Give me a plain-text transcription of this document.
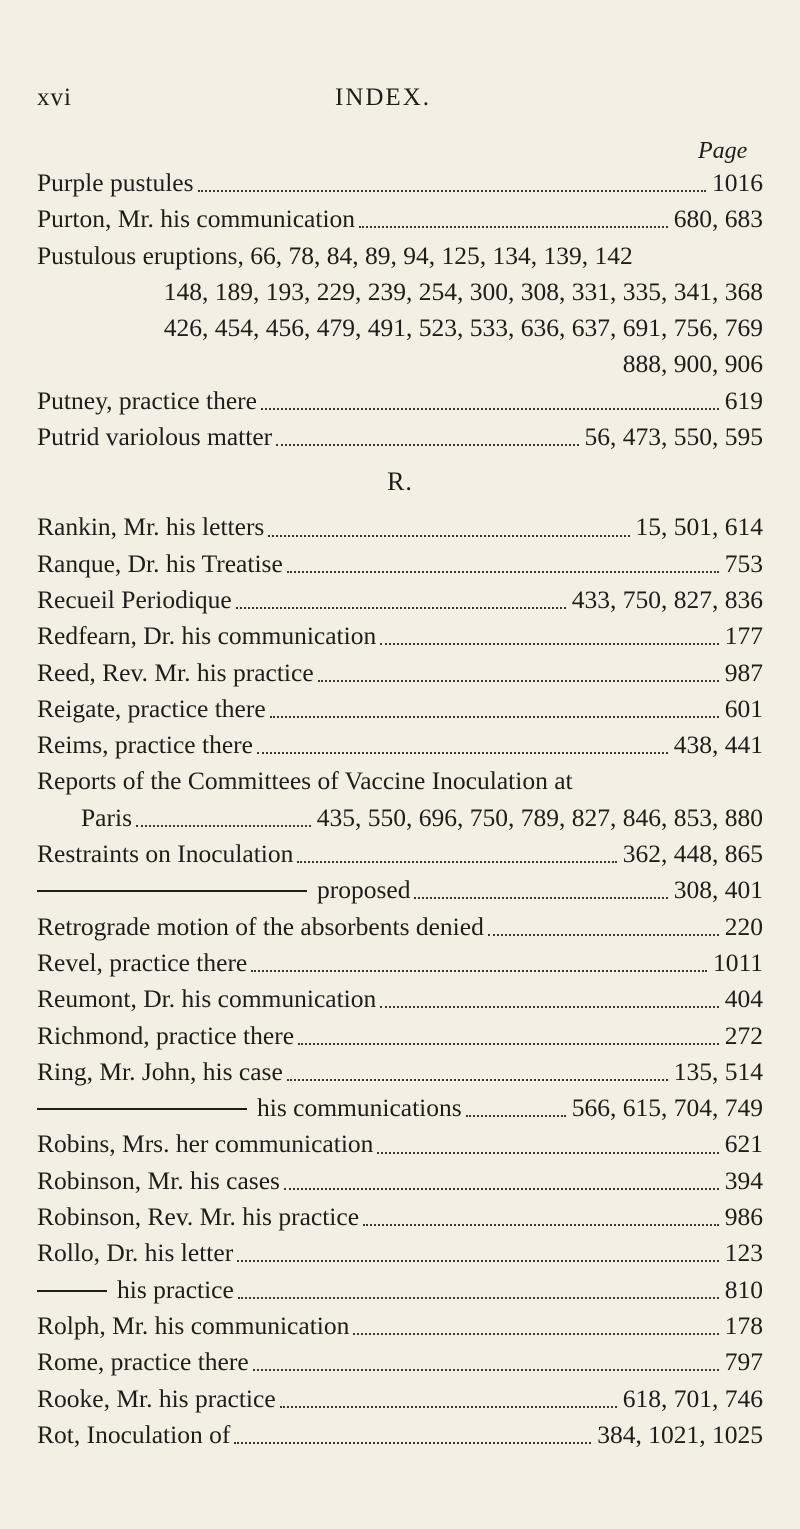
xvi	INDEX.
Page
Purple pustules	1016
Purton, Mr. his communication	680, 683
Pustulous eruptions, 66, 78, 84, 89, 94, 125, 134, 139, 142
148, 189, 193, 229, 239, 254, 300, 308, 331, 335, 341, 368
426, 454, 456, 479, 491, 523, 533, 636, 637, 691, 756, 769
888, 900, 906
Putney, practice there	619
Putrid variolous matter	56, 473, 550, 595
R.
Rankin, Mr. his letters	15, 501, 614
Ranque, Dr. his Treatise	753
Recueil Periodique	433, 750, 827, 836
Redfearn, Dr. his communication	177
Reed, Rev. Mr. his practice	987
Reigate, practice there	601
Reims, practice there	438, 441
Reports of the Committees of Vaccine Inoculation at
Paris	435, 550, 696, 750, 789, 827, 846, 853, 880
Restraints on Inoculation	362, 448, 865
proposed	308, 401
Retrograde motion of the absorbents denied	220
Revel, practice there	1011
Reumont, Dr. his communication	404
Richmond, practice there	272
Ring, Mr. John, his case	135, 514
his communications	566, 615, 704, 749
Robins, Mrs. her communication	621
Robinson, Mr. his cases	394
Robinson, Rev. Mr. his practice	986
Rollo, Dr. his letter	123
his practice	810
Rolph, Mr. his communication	178
Rome, practice there	797
Rooke, Mr. his practice	618, 701, 746
Rot, Inoculation of	384, 1021, 1025
